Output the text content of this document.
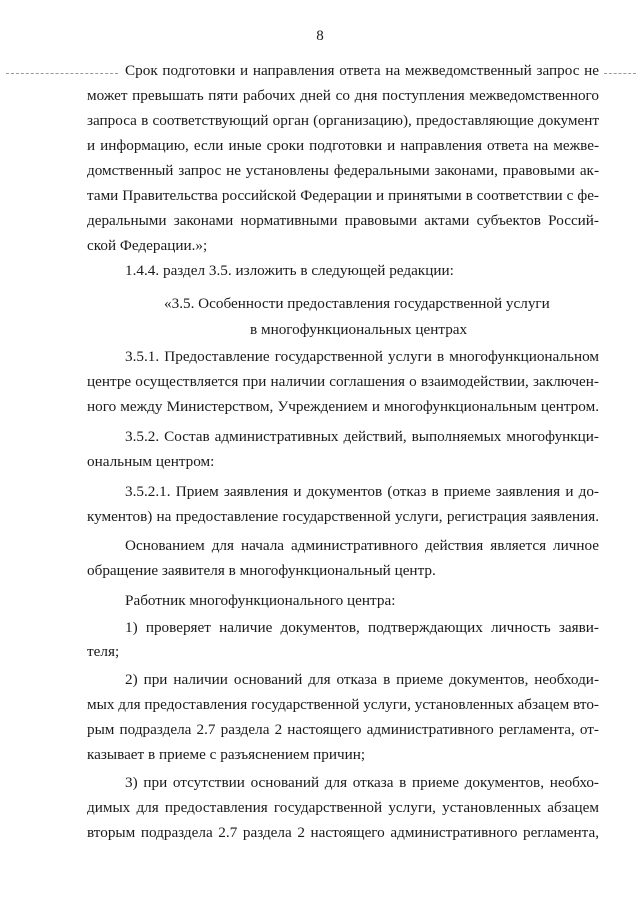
8
Срок подготовки и направления ответа на межведомственный запрос не
может превышать пяти рабочих дней со дня поступления межведомственного
запроса в соответствующий орган (организацию), предоставляющие документ
и информацию, если иные сроки подготовки и направления ответа на межве-
домственный запрос не установлены федеральными законами, правовыми ак-
тами Правительства российской Федерации и принятыми в соответствии с фе-
деральными законами нормативными правовыми актами субъектов Россий-
ской Федерации.»;
1.4.4. раздел 3.5. изложить в следующей редакции:
«3.5. Особенности предоставления государственной услуги
в многофункциональных центрах
3.5.1. Предоставление государственной услуги в многофункциональном
центре осуществляется при наличии соглашения о взаимодействии, заключен-
ного между Министерством, Учреждением и многофункциональным центром.
3.5.2. Состав административных действий, выполняемых многофункци-
ональным центром:
3.5.2.1. Прием заявления и документов (отказ в приеме заявления и до-
кументов) на предоставление государственной услуги, регистрация заявления.
Основанием для начала административного действия является личное
обращение заявителя в многофункциональный центр.
Работник многофункционального центра:
1) проверяет наличие документов, подтверждающих личность заяви-
теля;
2) при наличии оснований для отказа в приеме документов, необходи-
мых для предоставления государственной услуги, установленных абзацем вто-
рым подраздела 2.7 раздела 2 настоящего административного регламента, от-
казывает в приеме с разъяснением причин;
3) при отсутствии оснований для отказа в приеме документов, необхо-
димых для предоставления государственной услуги, установленных абзацем
вторым подраздела 2.7 раздела 2 настоящего административного регламента,
